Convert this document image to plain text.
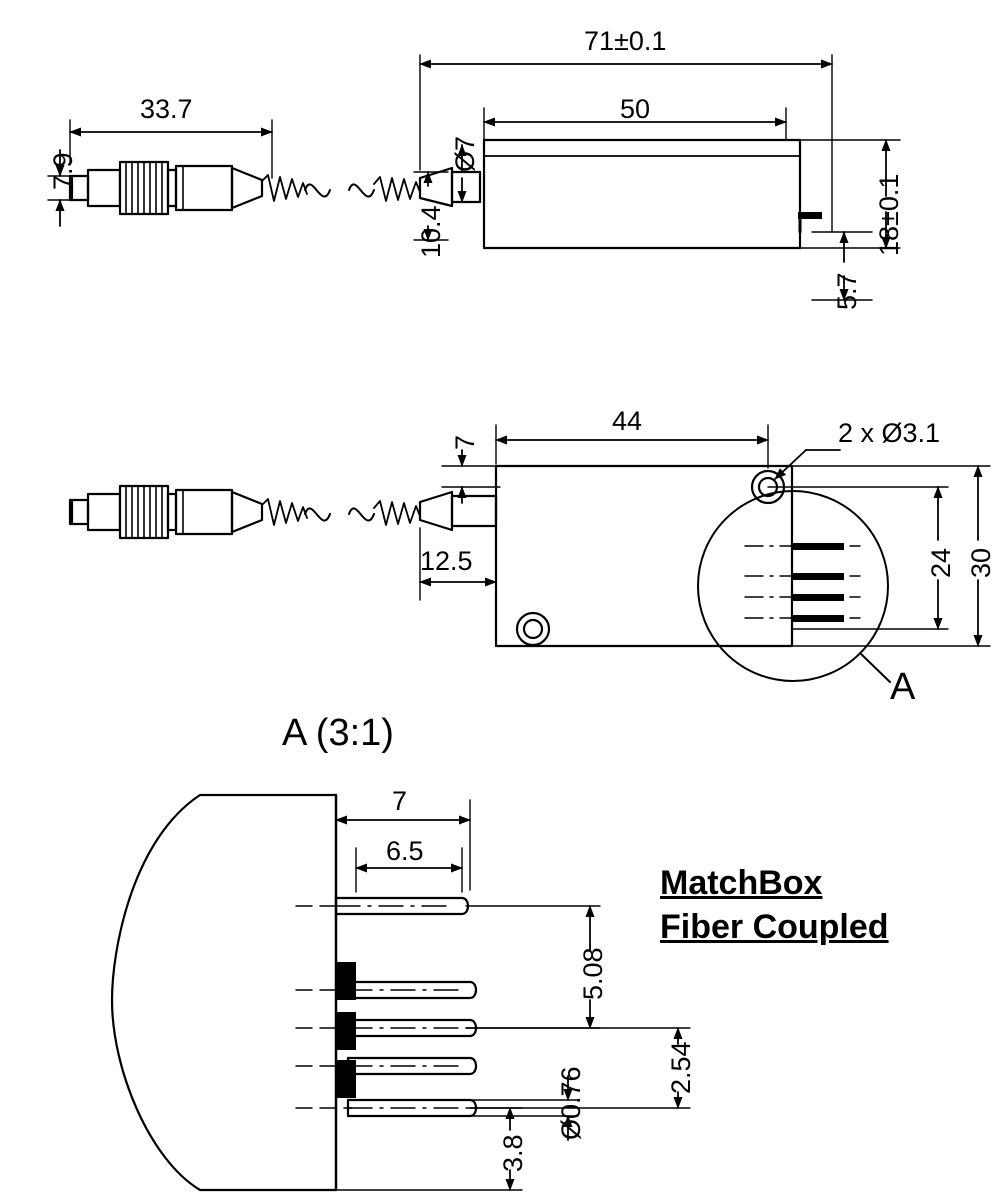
33.7
7.9
71±0.1
50
Ø7
10.4	18±0.1
5.7
44
7
12.5
2 x Ø3.1
24 30
A
A (3:1)
7
6.5
5.08
2.54
Ø0.76
3.8
MatchBox
Fiber Coupled
